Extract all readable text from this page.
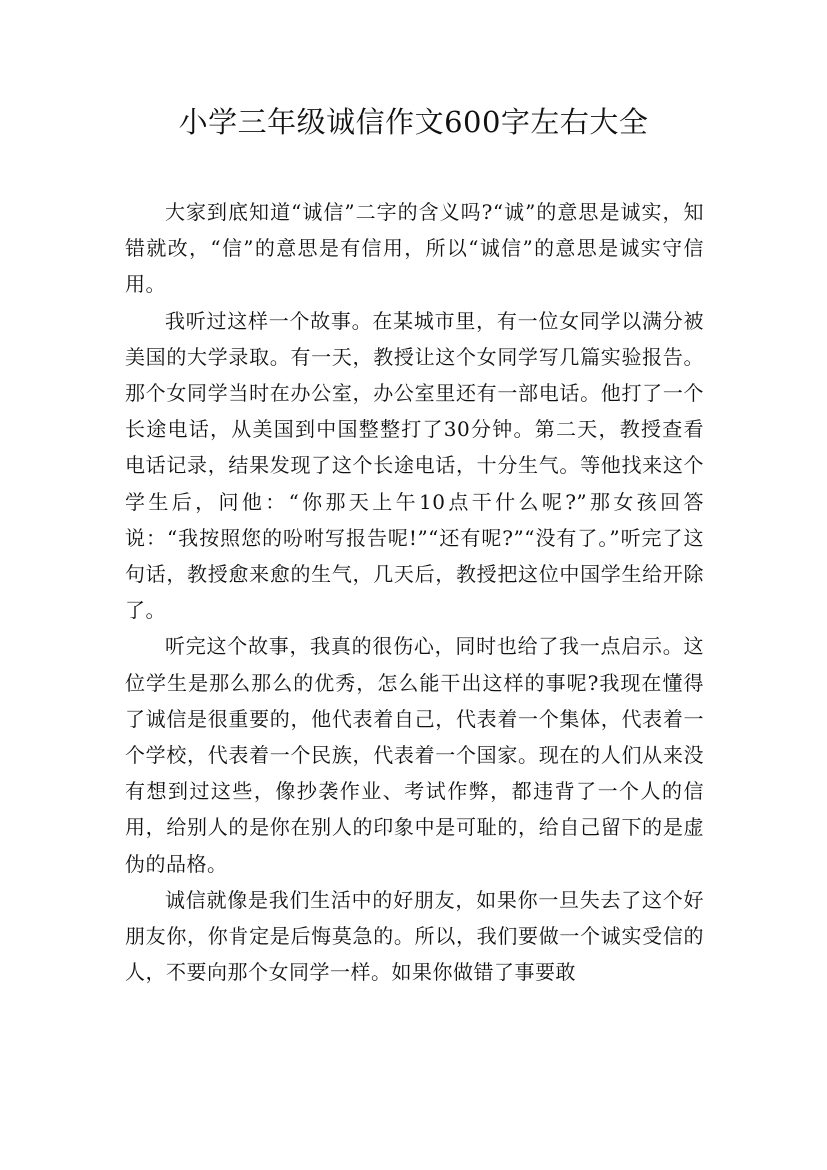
小学三年级诚信作文600字左右大全

大家到底知道“诚信”二字的含义吗?“诚”的意思是诚实，知错就改，“信”的意思是有信用，所以“诚信”的意思是诚实守信用。

我听过这样一个故事。在某城市里，有一位女同学以满分被美国的大学录取。有一天，教授让这个女同学写几篇实验报告。那个女同学当时在办公室，办公室里还有一部电话。他打了一个长途电话，从美国到中国整整打了30分钟。第二天，教授查看电话记录，结果发现了这个长途电话，十分生气。等他找来这个学生后，问他：“你那天上午10点干什么呢?”那女孩回答说：“我按照您的吩咐写报告呢!”“还有呢?”“没有了。”听完了这句话，教授愈来愈的生气，几天后，教授把这位中国学生给开除了。

听完这个故事，我真的很伤心，同时也给了我一点启示。这位学生是那么那么的优秀，怎么能干出这样的事呢?我现在懂得了诚信是很重要的，他代表着自己，代表着一个集体，代表着一个学校，代表着一个民族，代表着一个国家。现在的人们从来没有想到过这些，像抄袭作业、考试作弊，都违背了一个人的信用，给别人的是你在别人的印象中是可耻的，给自己留下的是虚伪的品格。

诚信就像是我们生活中的好朋友，如果你一旦失去了这个好朋友你，你肯定是后悔莫急的。所以，我们要做一个诚实受信的人，不要向那个女同学一样。如果你做错了事要敢
